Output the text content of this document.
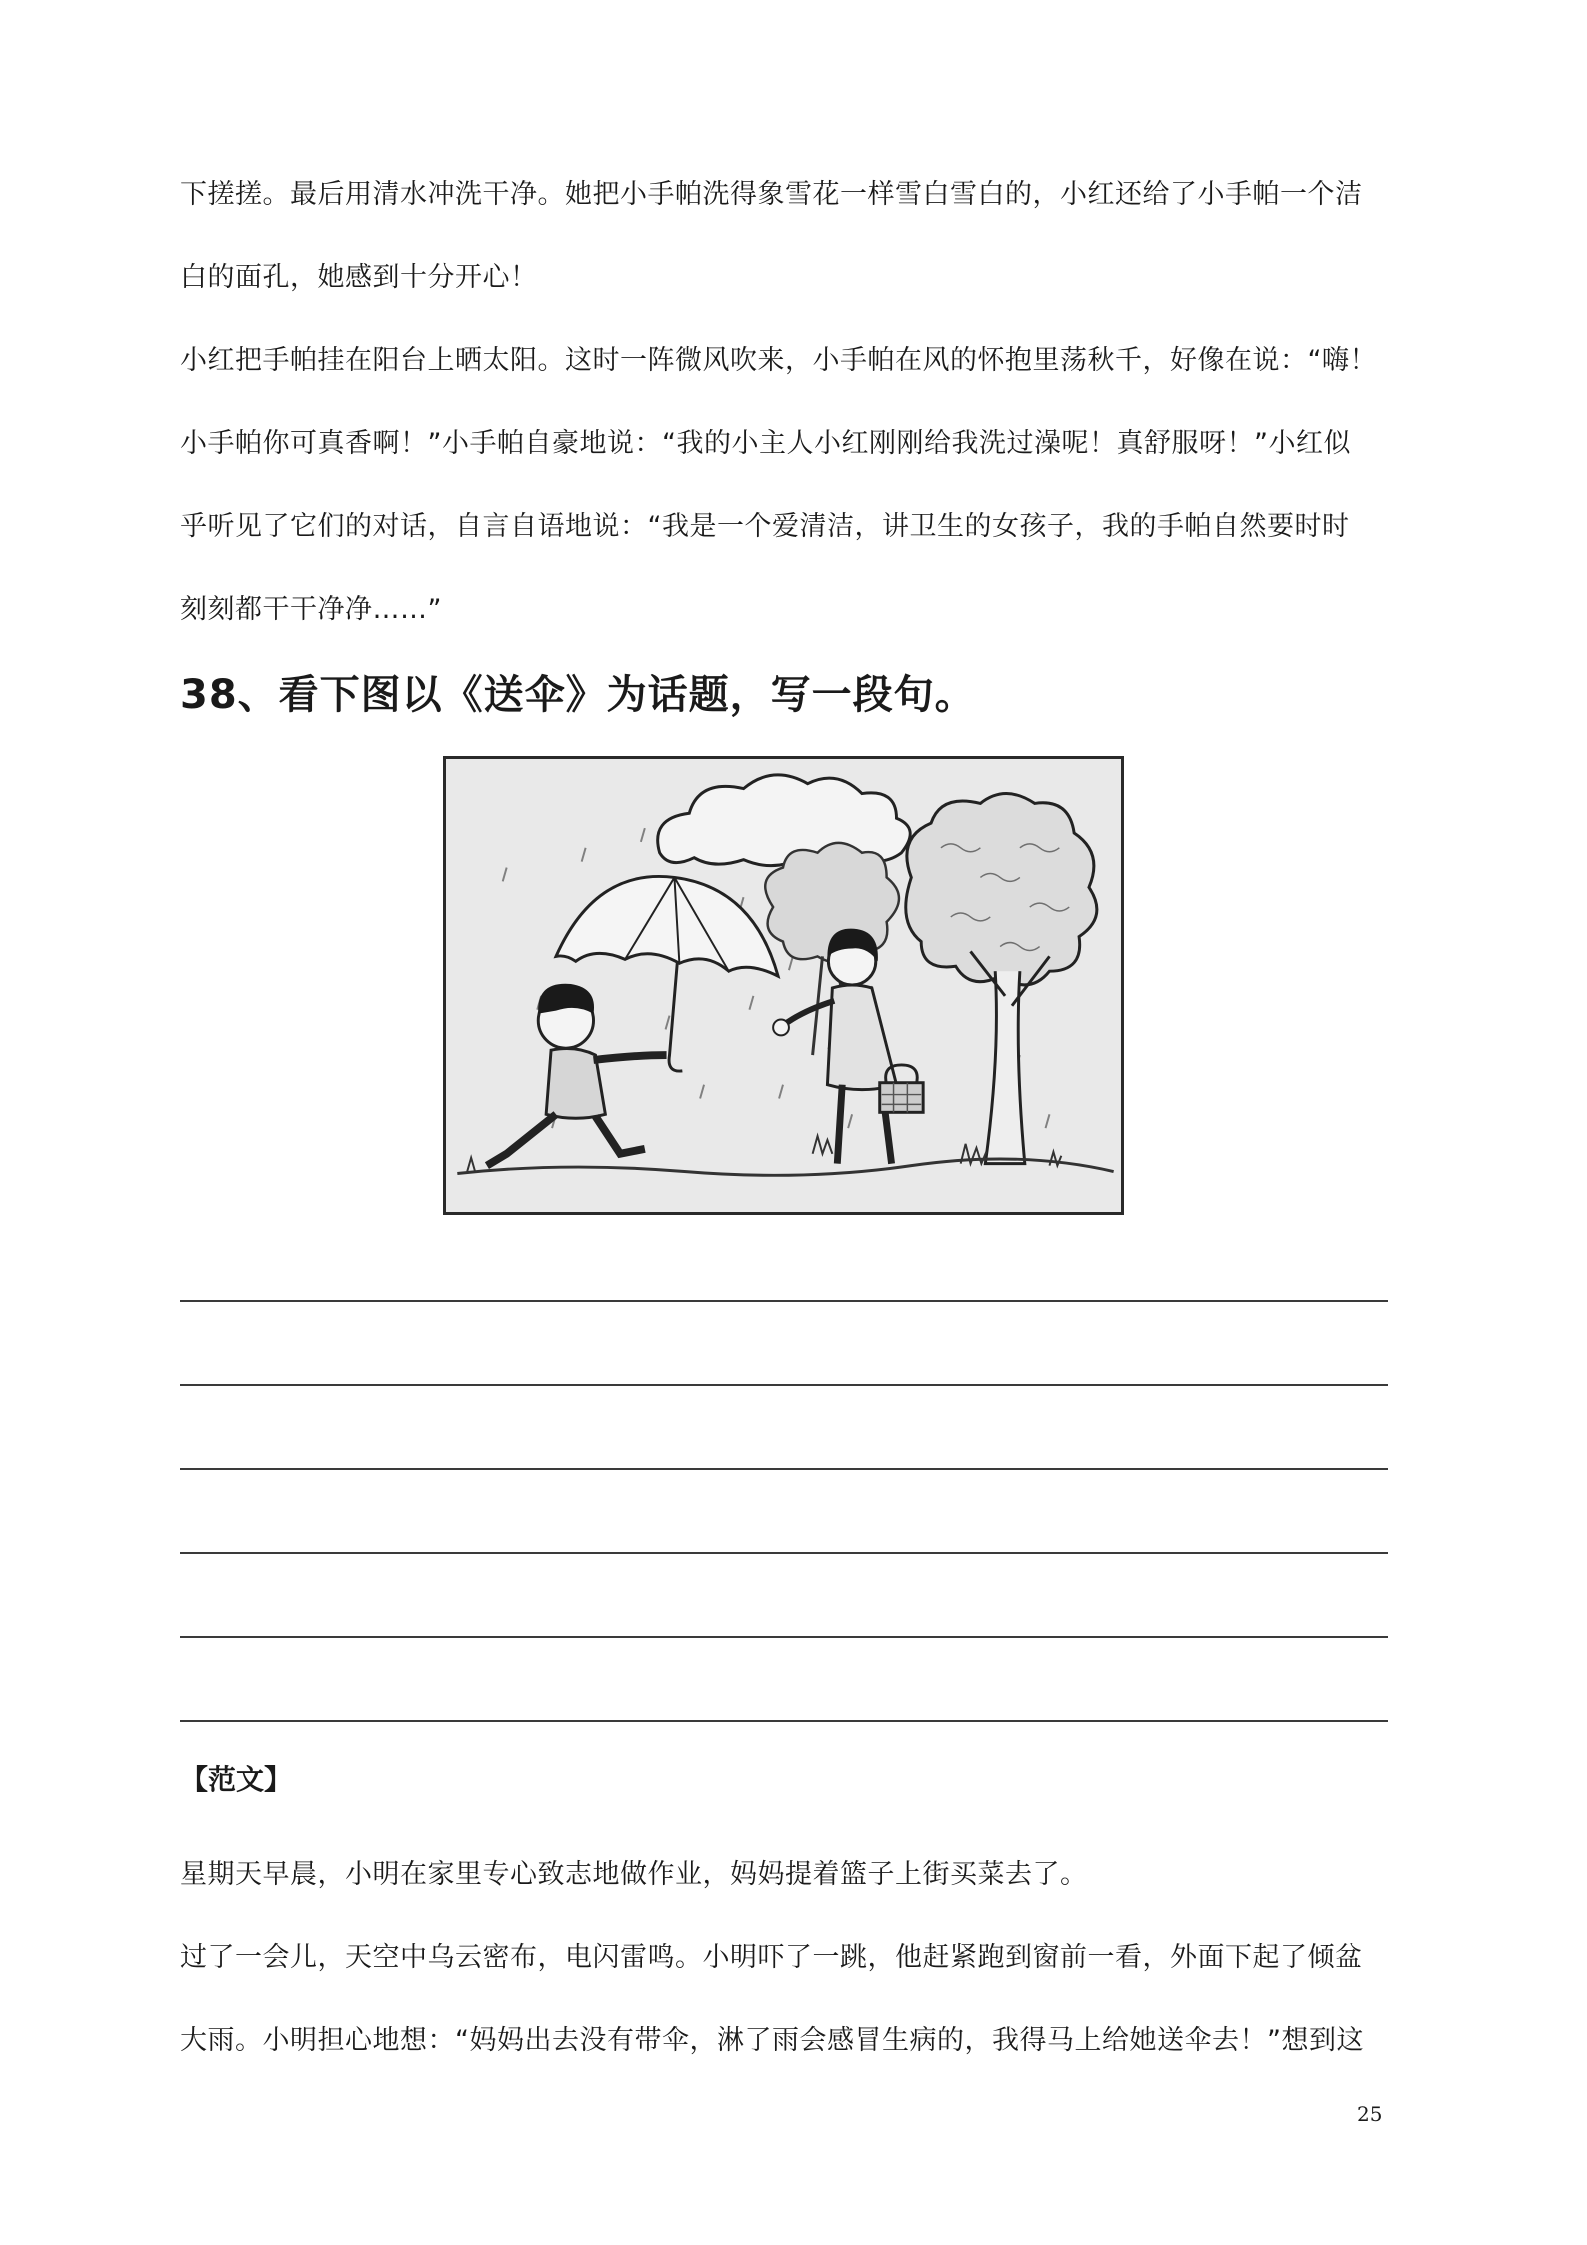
下搓搓。最后用清水冲洗干净。她把小手帕洗得象雪花一样雪白雪白的，小红还给了小手帕一个洁
白的面孔，她感到十分开心！
小红把手帕挂在阳台上晒太阳。这时一阵微风吹来，小手帕在风的怀抱里荡秋千，好像在说：“嗨！
小手帕你可真香啊！”小手帕自豪地说：“我的小主人小红刚刚给我洗过澡呢！真舒服呀！”小红似
乎听见了它们的对话，自言自语地说：“我是一个爱清洁，讲卫生的女孩子，我的手帕自然要时时
刻刻都干干净净……”
38、看下图以《送伞》为话题，写一段句。
【范文】
星期天早晨，小明在家里专心致志地做作业，妈妈提着篮子上街买菜去了。
过了一会儿，天空中乌云密布，电闪雷鸣。小明吓了一跳，他赶紧跑到窗前一看，外面下起了倾盆
大雨。小明担心地想：“妈妈出去没有带伞，淋了雨会感冒生病的，我得马上给她送伞去！”想到这
25
